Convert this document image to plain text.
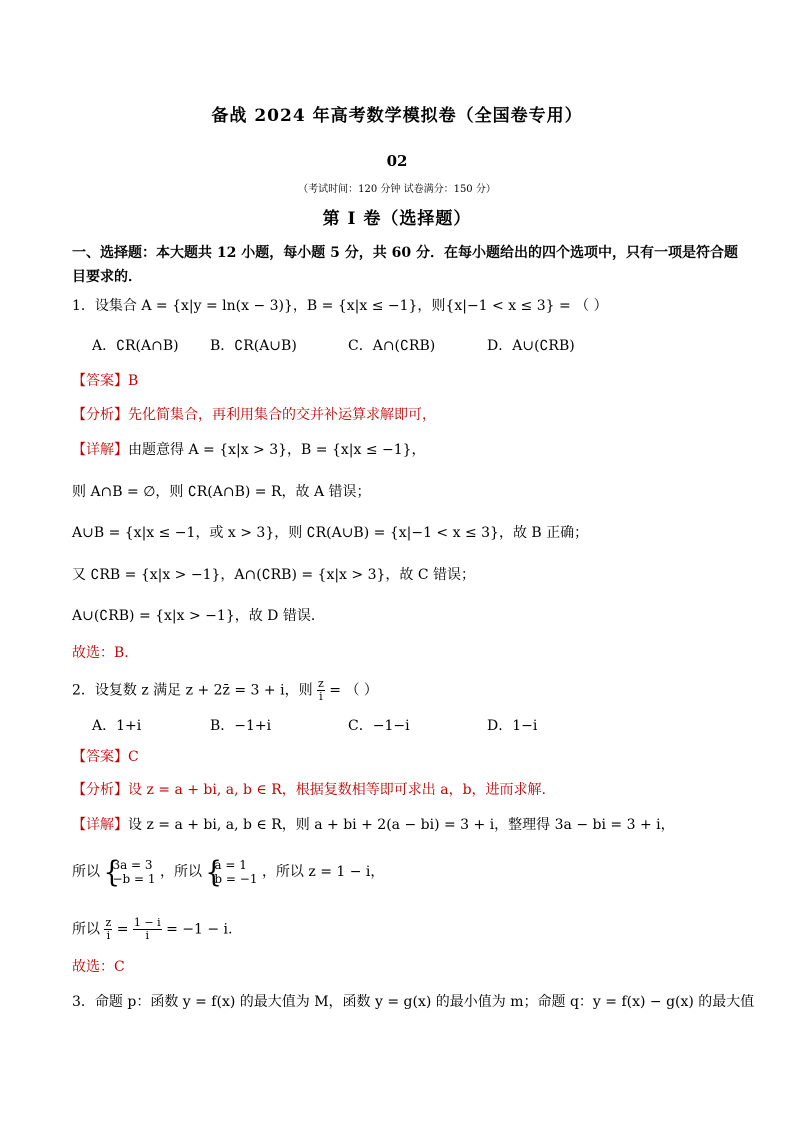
备战 2024 年高考数学模拟卷（全国卷专用）
02
（考试时间：120 分钟 试卷满分：150 分）
第 I 卷（选择题）
一、选择题：本大题共 12 小题，每小题 5 分，共 60 分．在每小题给出的四个选项中，只有一项是符合题
目要求的．
1．设集合 A = {x|y = ln(x − 3)}，B = {x|x ≤ −1}，则{x|−1 < x ≤ 3} = （ ）
A．∁R(A∩B) B．∁R(A∪B)	C．A∩(∁RB)	D．A∪(∁RB)
【答案】B
【分析】先化简集合，再利用集合的交并补运算求解即可，
【详解】由题意得 A = {x|x > 3}，B = {x|x ≤ −1}，
则 A∩B = ∅，则 ∁R(A∩B) = R，故 A 错误；
A∪B = {x|x ≤ −1，或 x > 3}，则 ∁R(A∪B) = {x|−1 < x ≤ 3}，故 B 正确；
又 ∁RB = {x|x > −1}，A∩(∁RB) = {x|x > 3}，故 C 错误；
A∪(∁RB) = {x|x > −1}，故 D 错误．
故选：B.
2．设复数 z 满足 z + 2z̄ = 3 + i，则 $\frac{z}{i}$ = （ ）
A．1+i	B．−1+i	C．−1−i	D．1−i
【答案】C
【分析】设 z = a + bi, a, b ∈ R，根据复数相等即可求出 a，b，进而求解.
【详解】设 z = a + bi, a, b ∈ R，则 a + bi + 2(a − bi) = 3 + i，整理得 3a − bi = 3 + i，
所以 { 3a = 3
−b = 1 ，所以 { a = 1
b = −1 ，所以 z = 1 − i，
所以 $\frac{z}{i} = \frac{1 - i}{i} = -1 - i$.
故选：C
3．命题 p：函数 y = f(x) 的最大值为 M，函数 y = g(x) 的最小值为 m；命题 q：y = f(x) − g(x) 的最大值
